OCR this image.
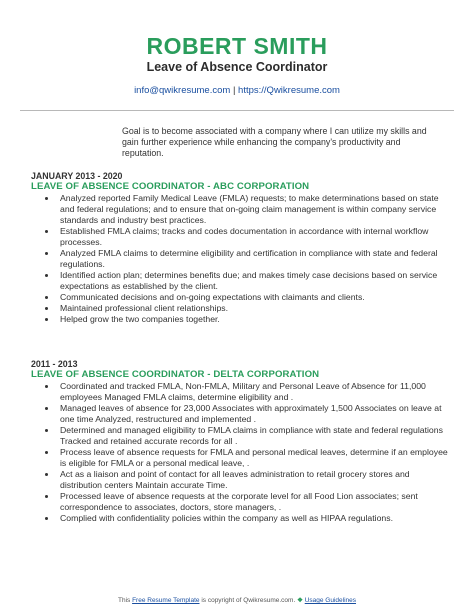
ROBERT SMITH
Leave of Absence Coordinator
info@qwikresume.com | https://Qwikresume.com
Goal is to become associated with a company where I can utilize my skills and gain further experience while enhancing the company's productivity and reputation.
JANUARY 2013 - 2020
LEAVE OF ABSENCE COORDINATOR - ABC CORPORATION
Analyzed reported Family Medical Leave (FMLA) requests; to make determinations based on state and federal regulations; and to ensure that on-going claim management is within company service standards and industry best practices.
Established FMLA claims; tracks and codes documentation in accordance with internal workflow processes.
Analyzed FMLA claims to determine eligibility and certification in compliance with state and federal regulations.
Identified action plan; determines benefits due; and makes timely case decisions based on service expectations as established by the client.
Communicated decisions and on-going expectations with claimants and clients.
Maintained professional client relationships.
Helped grow the two companies together.
2011 - 2013
LEAVE OF ABSENCE COORDINATOR - DELTA CORPORATION
Coordinated and tracked FMLA, Non-FMLA, Military and Personal Leave of Absence for 11,000 employees Managed FMLA claims, determine eligibility and .
Managed leaves of absence for 23,000 Associates with approximately 1,500 Associates on leave at one time Analyzed, restructured and implemented .
Determined and managed eligibility to FMLA claims in compliance with state and federal regulations Tracked and retained accurate records for all .
Process leave of absence requests for FMLA and personal medical leaves, determine if an employee is eligible for FMLA or a personal medical leave, .
Act as a liaison and point of contact for all leaves administration to retail grocery stores and distribution centers Maintain accurate Time.
Processed leave of absence requests at the corporate level for all Food Lion associates; sent correspondence to associates, doctors, store managers, .
Complied with confidentiality policies within the company as well as HIPAA regulations.
This Free Resume Template is copyright of Qwikresume.com. ❖ Usage Guidelines
